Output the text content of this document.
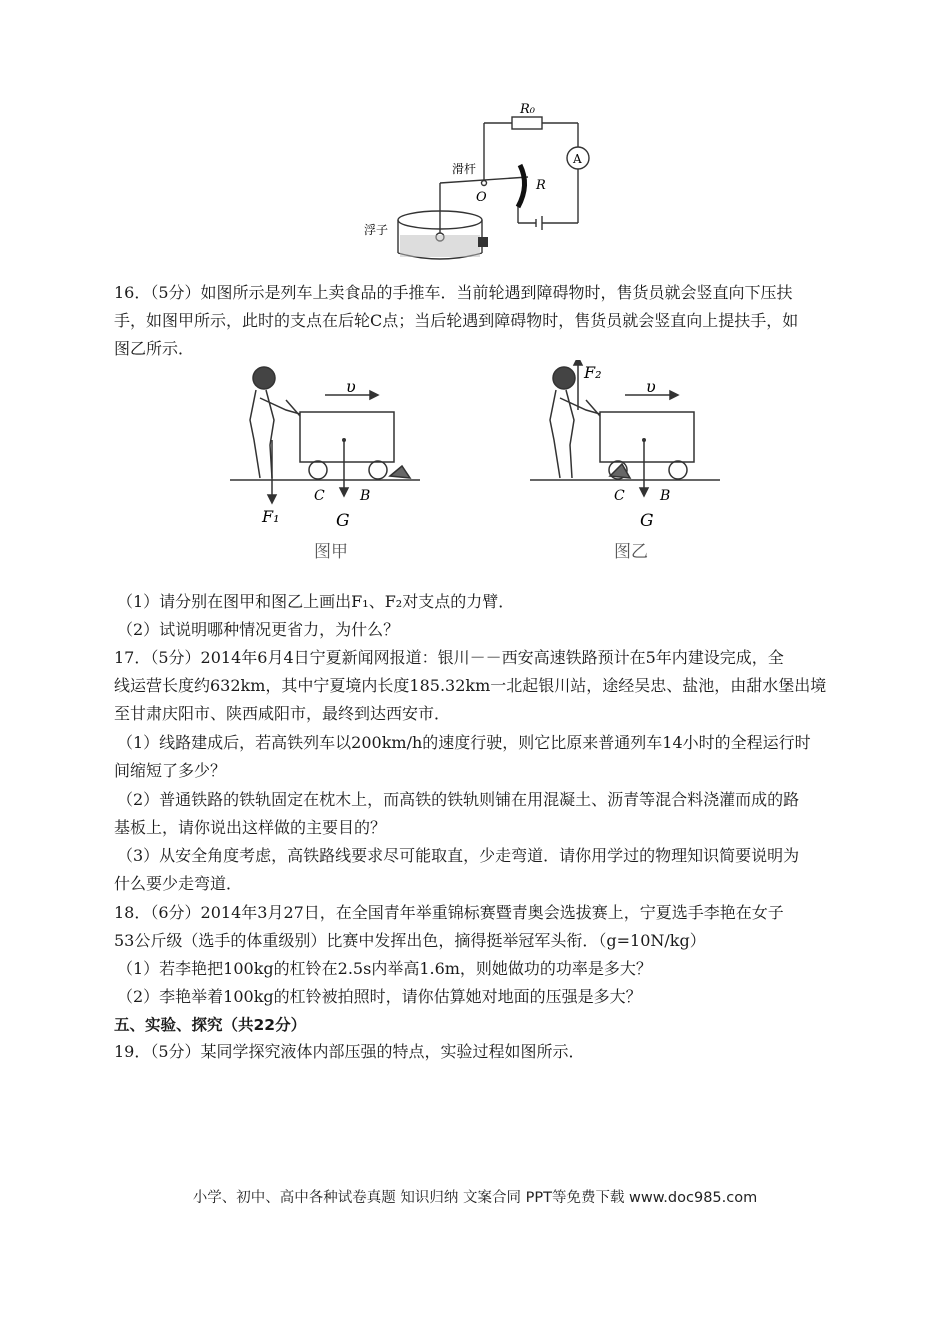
R₀
A
滑杆
O
R
浮子
16．（5分）如图所示是列车上卖食品的手推车．当前轮遇到障碍物时，售货员就会竖直向下压扶
手，如图甲所示，此时的支点在后轮C点；当后轮遇到障碍物时，售货员就会竖直向上提扶手，如
图乙所示．
υ
C	B
F₁	G
图甲
υ
C	B
F₂
G
图乙
（1）请分别在图甲和图乙上画出F₁、F₂对支点的力臂．
（2）试说明哪种情况更省力，为什么？
17．（5分）2014年6月4日宁夏新闻网报道：银川－－西安高速铁路预计在5年内建设完成，全
线运营长度约632km，其中宁夏境内长度185.32km一北起银川站，途经吴忠、盐池，由甜水堡出境
至甘肃庆阳市、陕西咸阳市，最终到达西安市．
（1）线路建成后，若高铁列车以200km/h的速度行驶，则它比原来普通列车14小时的全程运行时
间缩短了多少？
（2）普通铁路的铁轨固定在枕木上，而高铁的铁轨则铺在用混凝土、沥青等混合料浇灌而成的路
基板上，请你说出这样做的主要目的？
（3）从安全角度考虑，高铁路线要求尽可能取直，少走弯道．请你用学过的物理知识简要说明为
什么要少走弯道．
18．（6分）2014年3月27日，在全国青年举重锦标赛暨青奥会选拔赛上，宁夏选手李艳在女子
53公斤级（选手的体重级别）比赛中发挥出色，摘得挺举冠军头衔．（g=10N/kg）
（1）若李艳把100kg的杠铃在2.5s内举高1.6m，则她做功的功率是多大？
（2）李艳举着100kg的杠铃被拍照时，请你估算她对地面的压强是多大？
五、实验、探究（共22分）
19．（5分）某同学探究液体内部压强的特点，实验过程如图所示．
小学、初中、高中各种试卷真题 知识归纳 文案合同 PPT等免费下载 www.doc985.com
